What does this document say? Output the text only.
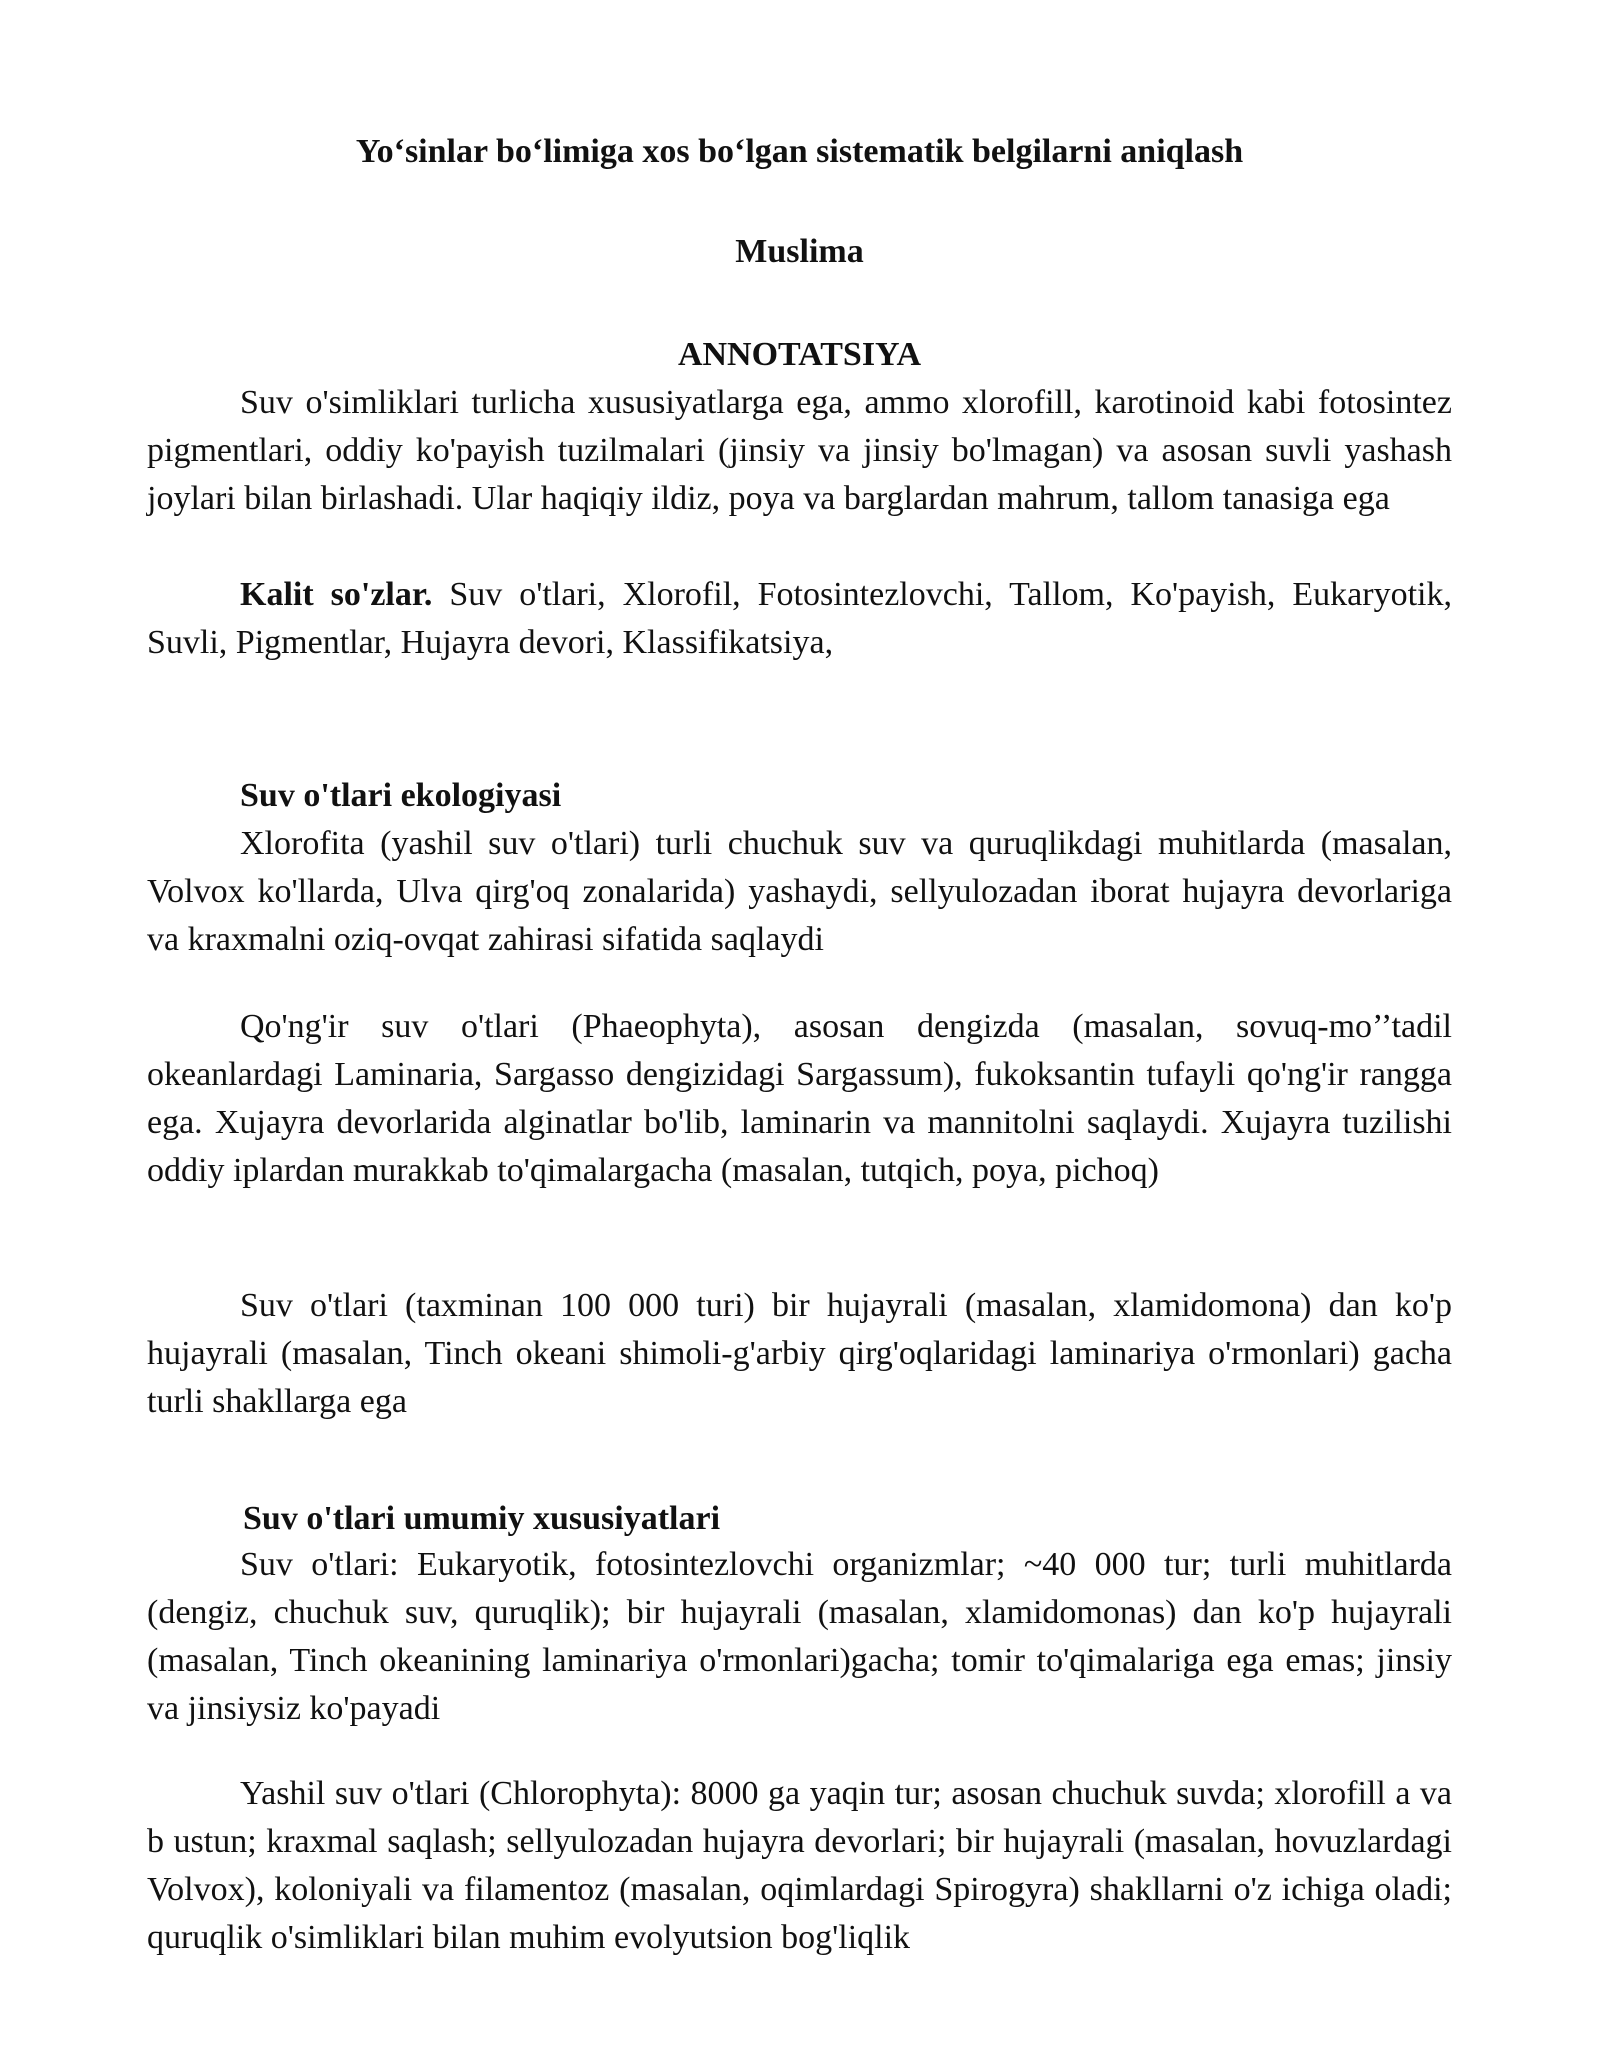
Yo‘sinlar bo‘limiga xos bo‘lgan sistematik belgilarni aniqlash

Muslima

ANNOTATSIYA

Suv o'simliklari turlicha xususiyatlarga ega, ammo xlorofill, karotinoid kabi fotosintez pigmentlari, oddiy ko'payish tuzilmalari (jinsiy va jinsiy bo'lmagan) va asosan suvli yashash joylari bilan birlashadi. Ular haqiqiy ildiz, poya va barglardan mahrum, tallom tanasiga ega

Kalit so'zlar. Suv o'tlari, Xlorofil, Fotosintezlovchi, Tallom, Ko'payish, Eukaryotik, Suvli, Pigmentlar, Hujayra devori, Klassifikatsiya,

Suv o'tlari ekologiyasi

Xlorofita (yashil suv o'tlari) turli chuchuk suv va quruqlikdagi muhitlarda (masalan, Volvox ko'llarda, Ulva qirg'oq zonalarida) yashaydi, sellyulozadan iborat hujayra devorlariga va kraxmalni oziq-ovqat zahirasi sifatida saqlaydi

Qo'ng'ir suv o'tlari (Phaeophyta), asosan dengizda (masalan, sovuq-mo’’tadil okeanlardagi Laminaria, Sargasso dengizidagi Sargassum), fukoksantin tufayli qo'ng'ir rangga ega. Xujayra devorlarida alginatlar bo'lib, laminarin va mannitolni saqlaydi. Xujayra tuzilishi oddiy iplardan murakkab to'qimalargacha (masalan, tutqich, poya, pichoq)

Suv o'tlari (taxminan 100 000 turi) bir hujayrali (masalan, xlamidomona) dan ko'p hujayrali (masalan, Tinch okeani shimoli-g'arbiy qirg'oqlaridagi laminariya o'rmonlari) gacha turli shakllarga ega

Suv o'tlari umumiy xususiyatlari

Suv o'tlari: Eukaryotik, fotosintezlovchi organizmlar; ~40 000 tur; turli muhitlarda (dengiz, chuchuk suv, quruqlik); bir hujayrali (masalan, xlamidomonas) dan ko'p hujayrali (masalan, Tinch okeanining laminariya o'rmonlari)gacha; tomir to'qimalariga ega emas; jinsiy va jinsiysiz ko'payadi

Yashil suv o'tlari (Chlorophyta): 8000 ga yaqin tur; asosan chuchuk suvda; xlorofill a va b ustun; kraxmal saqlash; sellyulozadan hujayra devorlari; bir hujayrali (masalan, hovuzlardagi Volvox), koloniyali va filamentoz (masalan, oqimlardagi Spirogyra) shakllarni o'z ichiga oladi; quruqlik o'simliklari bilan muhim evolyutsion bog'liqlik
